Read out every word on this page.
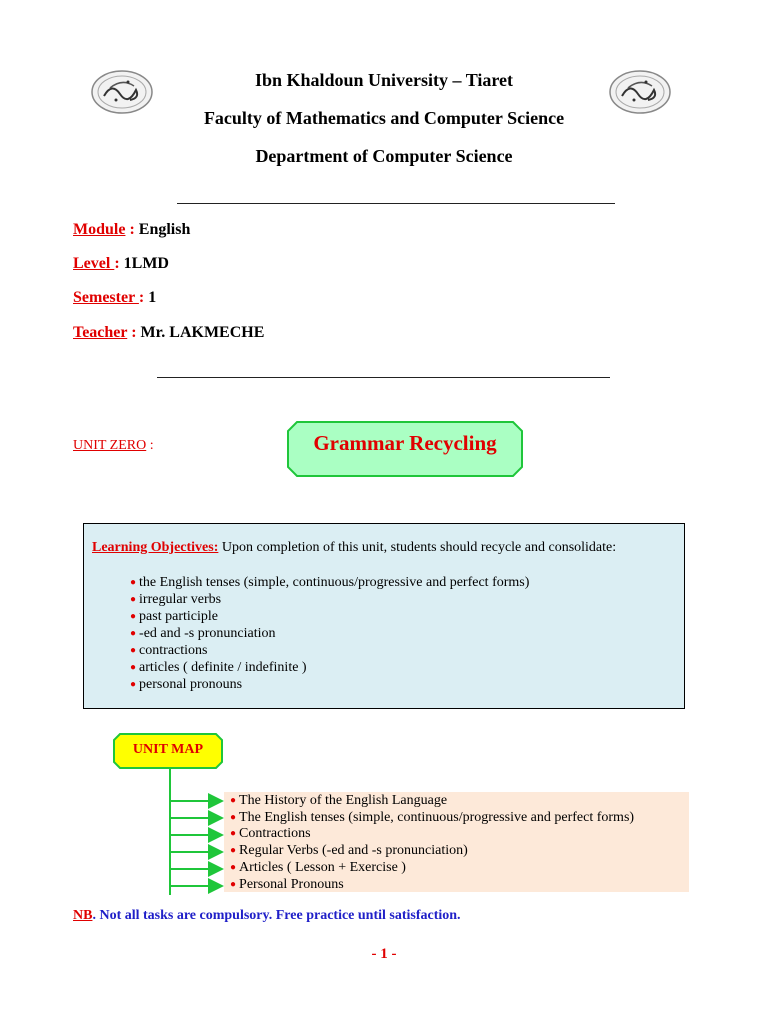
Ibn Khaldoun University – Tiaret
Faculty of Mathematics and Computer Science
Department of Computer Science
Module : English
Level : 1LMD
Semester : 1
Teacher : Mr. LAKMECHE
UNIT ZERO :	Grammar Recycling
Learning Objectives: Upon completion of this unit, students should recycle and consolidate:
● the English tenses (simple, continuous/progressive and perfect forms)
● irregular verbs
● past participle
● -ed and -s pronunciation
● contractions
● articles ( definite / indefinite )
● personal pronouns
UNIT MAP
● The History of the English Language
● The English tenses (simple, continuous/progressive and perfect forms)
● Contractions
● Regular Verbs (-ed and -s pronunciation)
● Articles ( Lesson + Exercise )
● Personal Pronouns
NB. Not all tasks are compulsory. Free practice until satisfaction.
- 1 -
